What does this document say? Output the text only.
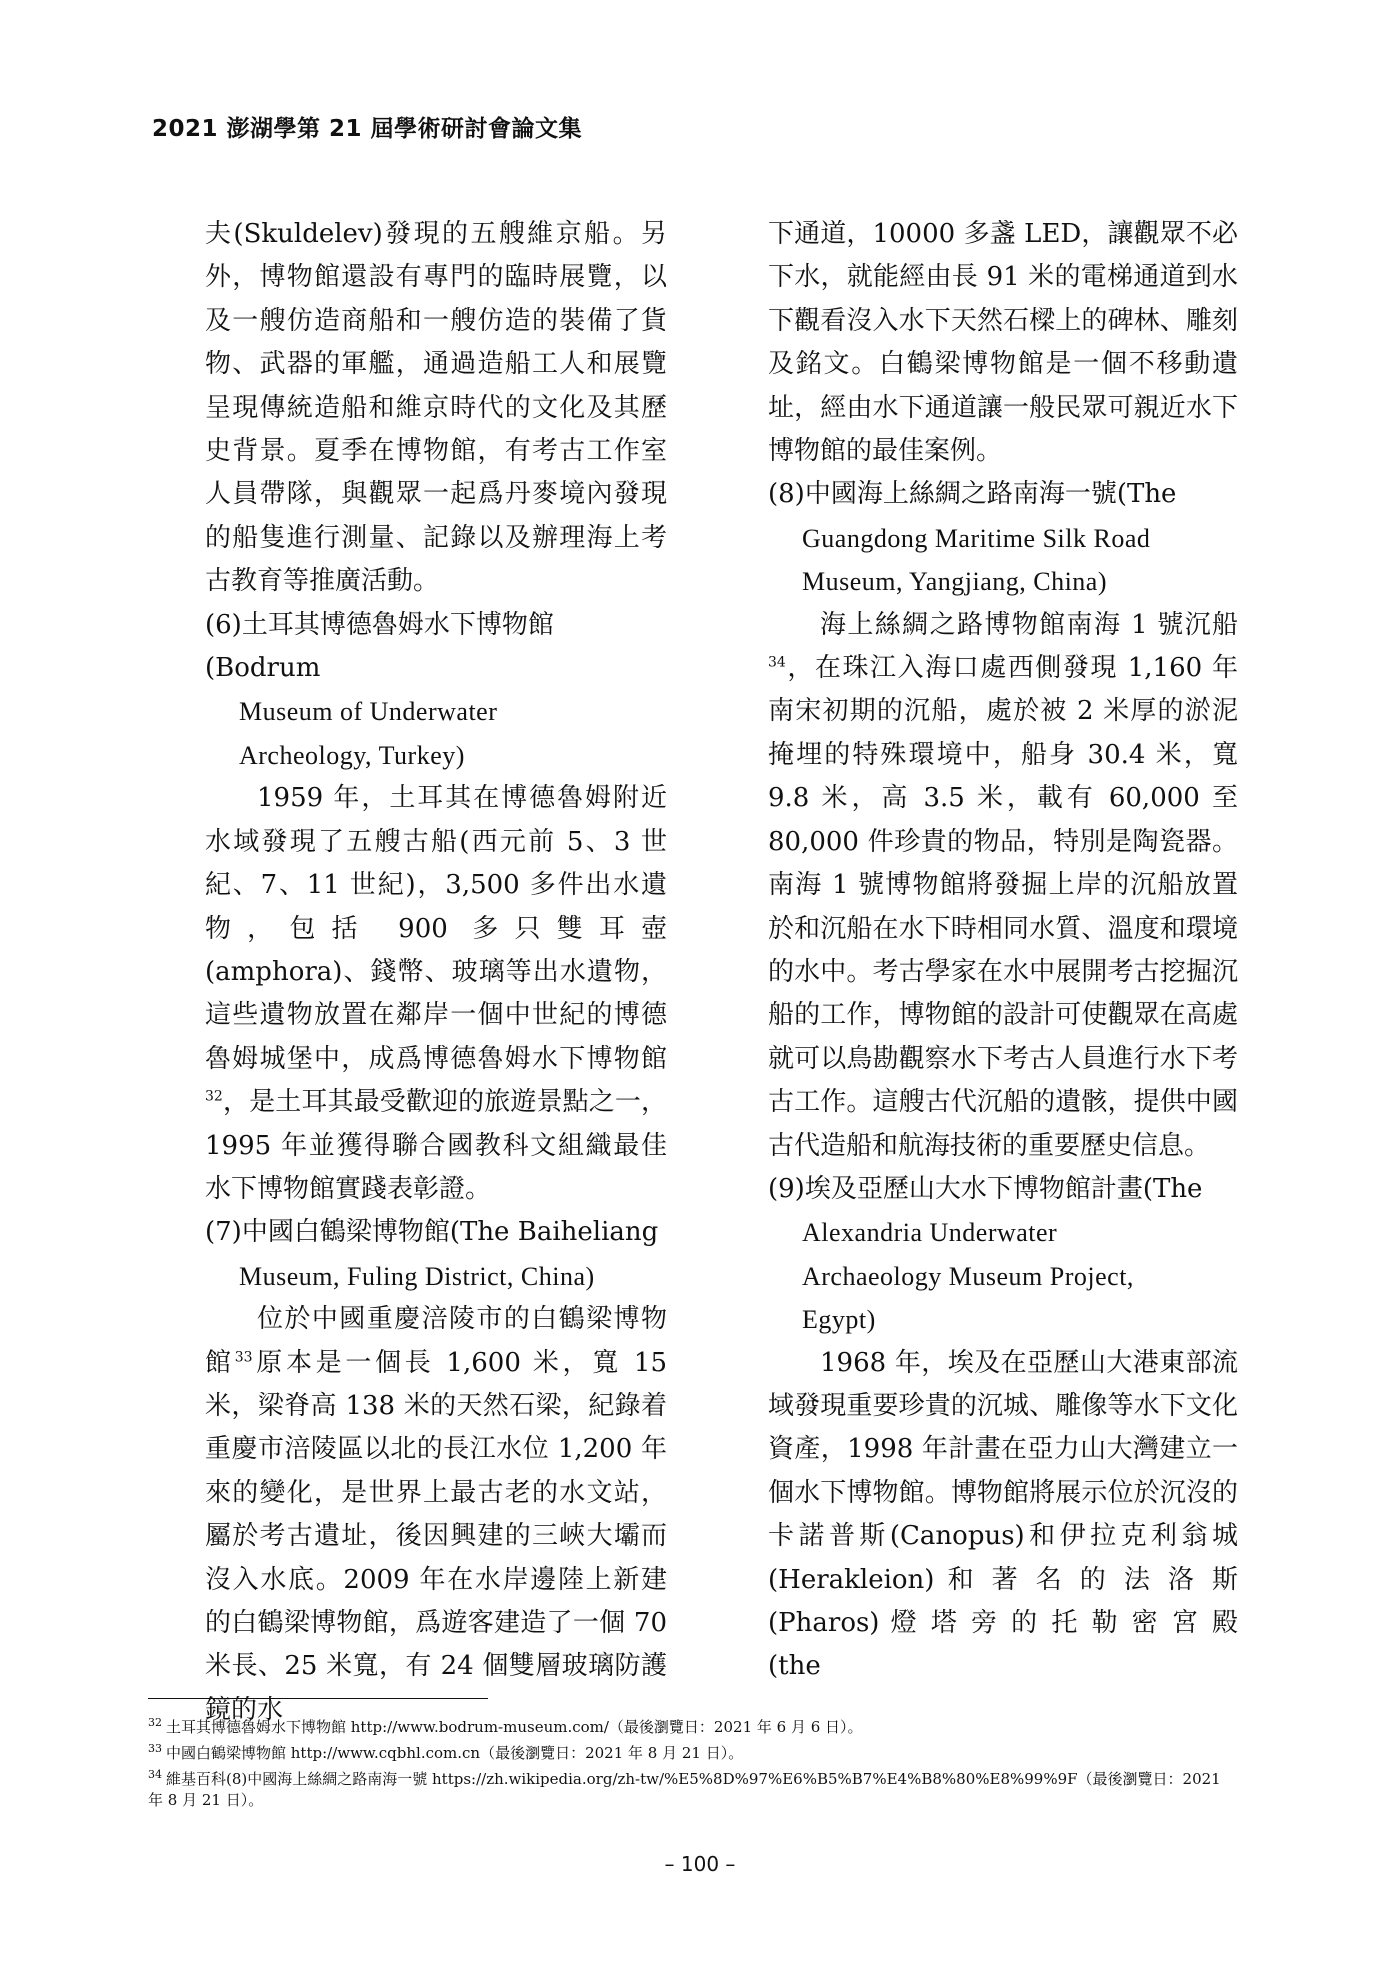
2021 澎湖學第 21 屆學術研討會論文集

夫(Skuldelev)發現的五艘維京船。另外，博物館還設有專門的臨時展覽，以及一艘仿造商船和一艘仿造的裝備了貨物、武器的軍艦，通過造船工人和展覽呈現傳統造船和維京時代的文化及其歷史背景。夏季在博物館，有考古工作室人員帶隊，與觀眾一起爲丹麥境內發現的船隻進行測量、記錄以及辦理海上考古教育等推廣活動。

(6)土耳其博德魯姆水下博物館(Bodrum
Museum of Underwater
Archeology, Turkey)

1959 年，土耳其在博德魯姆附近水域發現了五艘古船(西元前 5、3 世紀、7、11 世紀)，3,500 多件出水遺物，包括 900 多只雙耳壺(amphora)、錢幣、玻璃等出水遺物，這些遺物放置在鄰岸一個中世紀的博德魯姆城堡中，成爲博德魯姆水下博物館$^{32}$，是土耳其最受歡迎的旅遊景點之一，1995 年並獲得聯合國教科文組織最佳水下博物館實踐表彰證。

(7)中國白鶴梁博物館(The Baiheliang
Museum, Fuling District, China)

位於中國重慶涪陵市的白鶴梁博物館$^{33}$原本是一個長 1,600 米，寬 15 米，梁脊高 138 米的天然石梁，紀錄着重慶市涪陵區以北的長江水位 1,200 年來的變化，是世界上最古老的水文站，屬於考古遺址，後因興建的三峽大壩而沒入水底。2009 年在水岸邊陸上新建的白鶴梁博物館，爲遊客建造了一個 70 米長、25 米寬，有 24 個雙層玻璃防護鏡的水

下通道，10000 多盞 LED，讓觀眾不必下水，就能經由長 91 米的電梯通道到水下觀看沒入水下天然石樑上的碑林、雕刻及銘文。白鶴梁博物館是一個不移動遺址，經由水下通道讓一般民眾可親近水下博物館的最佳案例。

(8)中國海上絲綢之路南海一號(The
Guangdong Maritime Silk Road
Museum, Yangjiang, China)

海上絲綢之路博物館南海 1 號沉船$^{34}$，在珠江入海口處西側發現 1,160 年南宋初期的沉船，處於被 2 米厚的淤泥掩埋的特殊環境中，船身 30.4 米，寬 9.8 米，高 3.5 米，載有 60,000 至 80,000 件珍貴的物品，特別是陶瓷器。南海 1 號博物館將發掘上岸的沉船放置於和沉船在水下時相同水質、溫度和環境的水中。考古學家在水中展開考古挖掘沉船的工作，博物館的設計可使觀眾在高處就可以鳥勘觀察水下考古人員進行水下考古工作。這艘古代沉船的遺骸，提供中國古代造船和航海技術的重要歷史信息。

(9)埃及亞歷山大水下博物館計畫(The
Alexandria Underwater
Archaeology Museum Project,
Egypt)

1968 年，埃及在亞歷山大港東部流域發現重要珍貴的沉城、雕像等水下文化資產，1998 年計畫在亞力山大灣建立一個水下博物館。博物館將展示位於沉沒的卡諾普斯(Canopus)和伊拉克利翁城 (Herakleion) 和 著 名 的 法 洛 斯 (Pharos) 燈 塔 旁 的 托 勒 密 宮 殿 (the

$^{32}$ 土耳其博德魯姆水下博物館 http://www.bodrum-museum.com/（最後瀏覽日：2021 年 6 月 6 日）。

$^{33}$ 中國白鶴梁博物館 http://www.cqbhl.com.cn（最後瀏覽日：2021 年 8 月 21 日）。

$^{34}$ 維基百科(8)中國海上絲綢之路南海一號 https://zh.wikipedia.org/zh-tw/%E5%8D%97%E6%B5%B7%E4%B8%80%E8%99%9F（最後瀏覽日：2021 年 8 月 21 日）。

– 100 –
